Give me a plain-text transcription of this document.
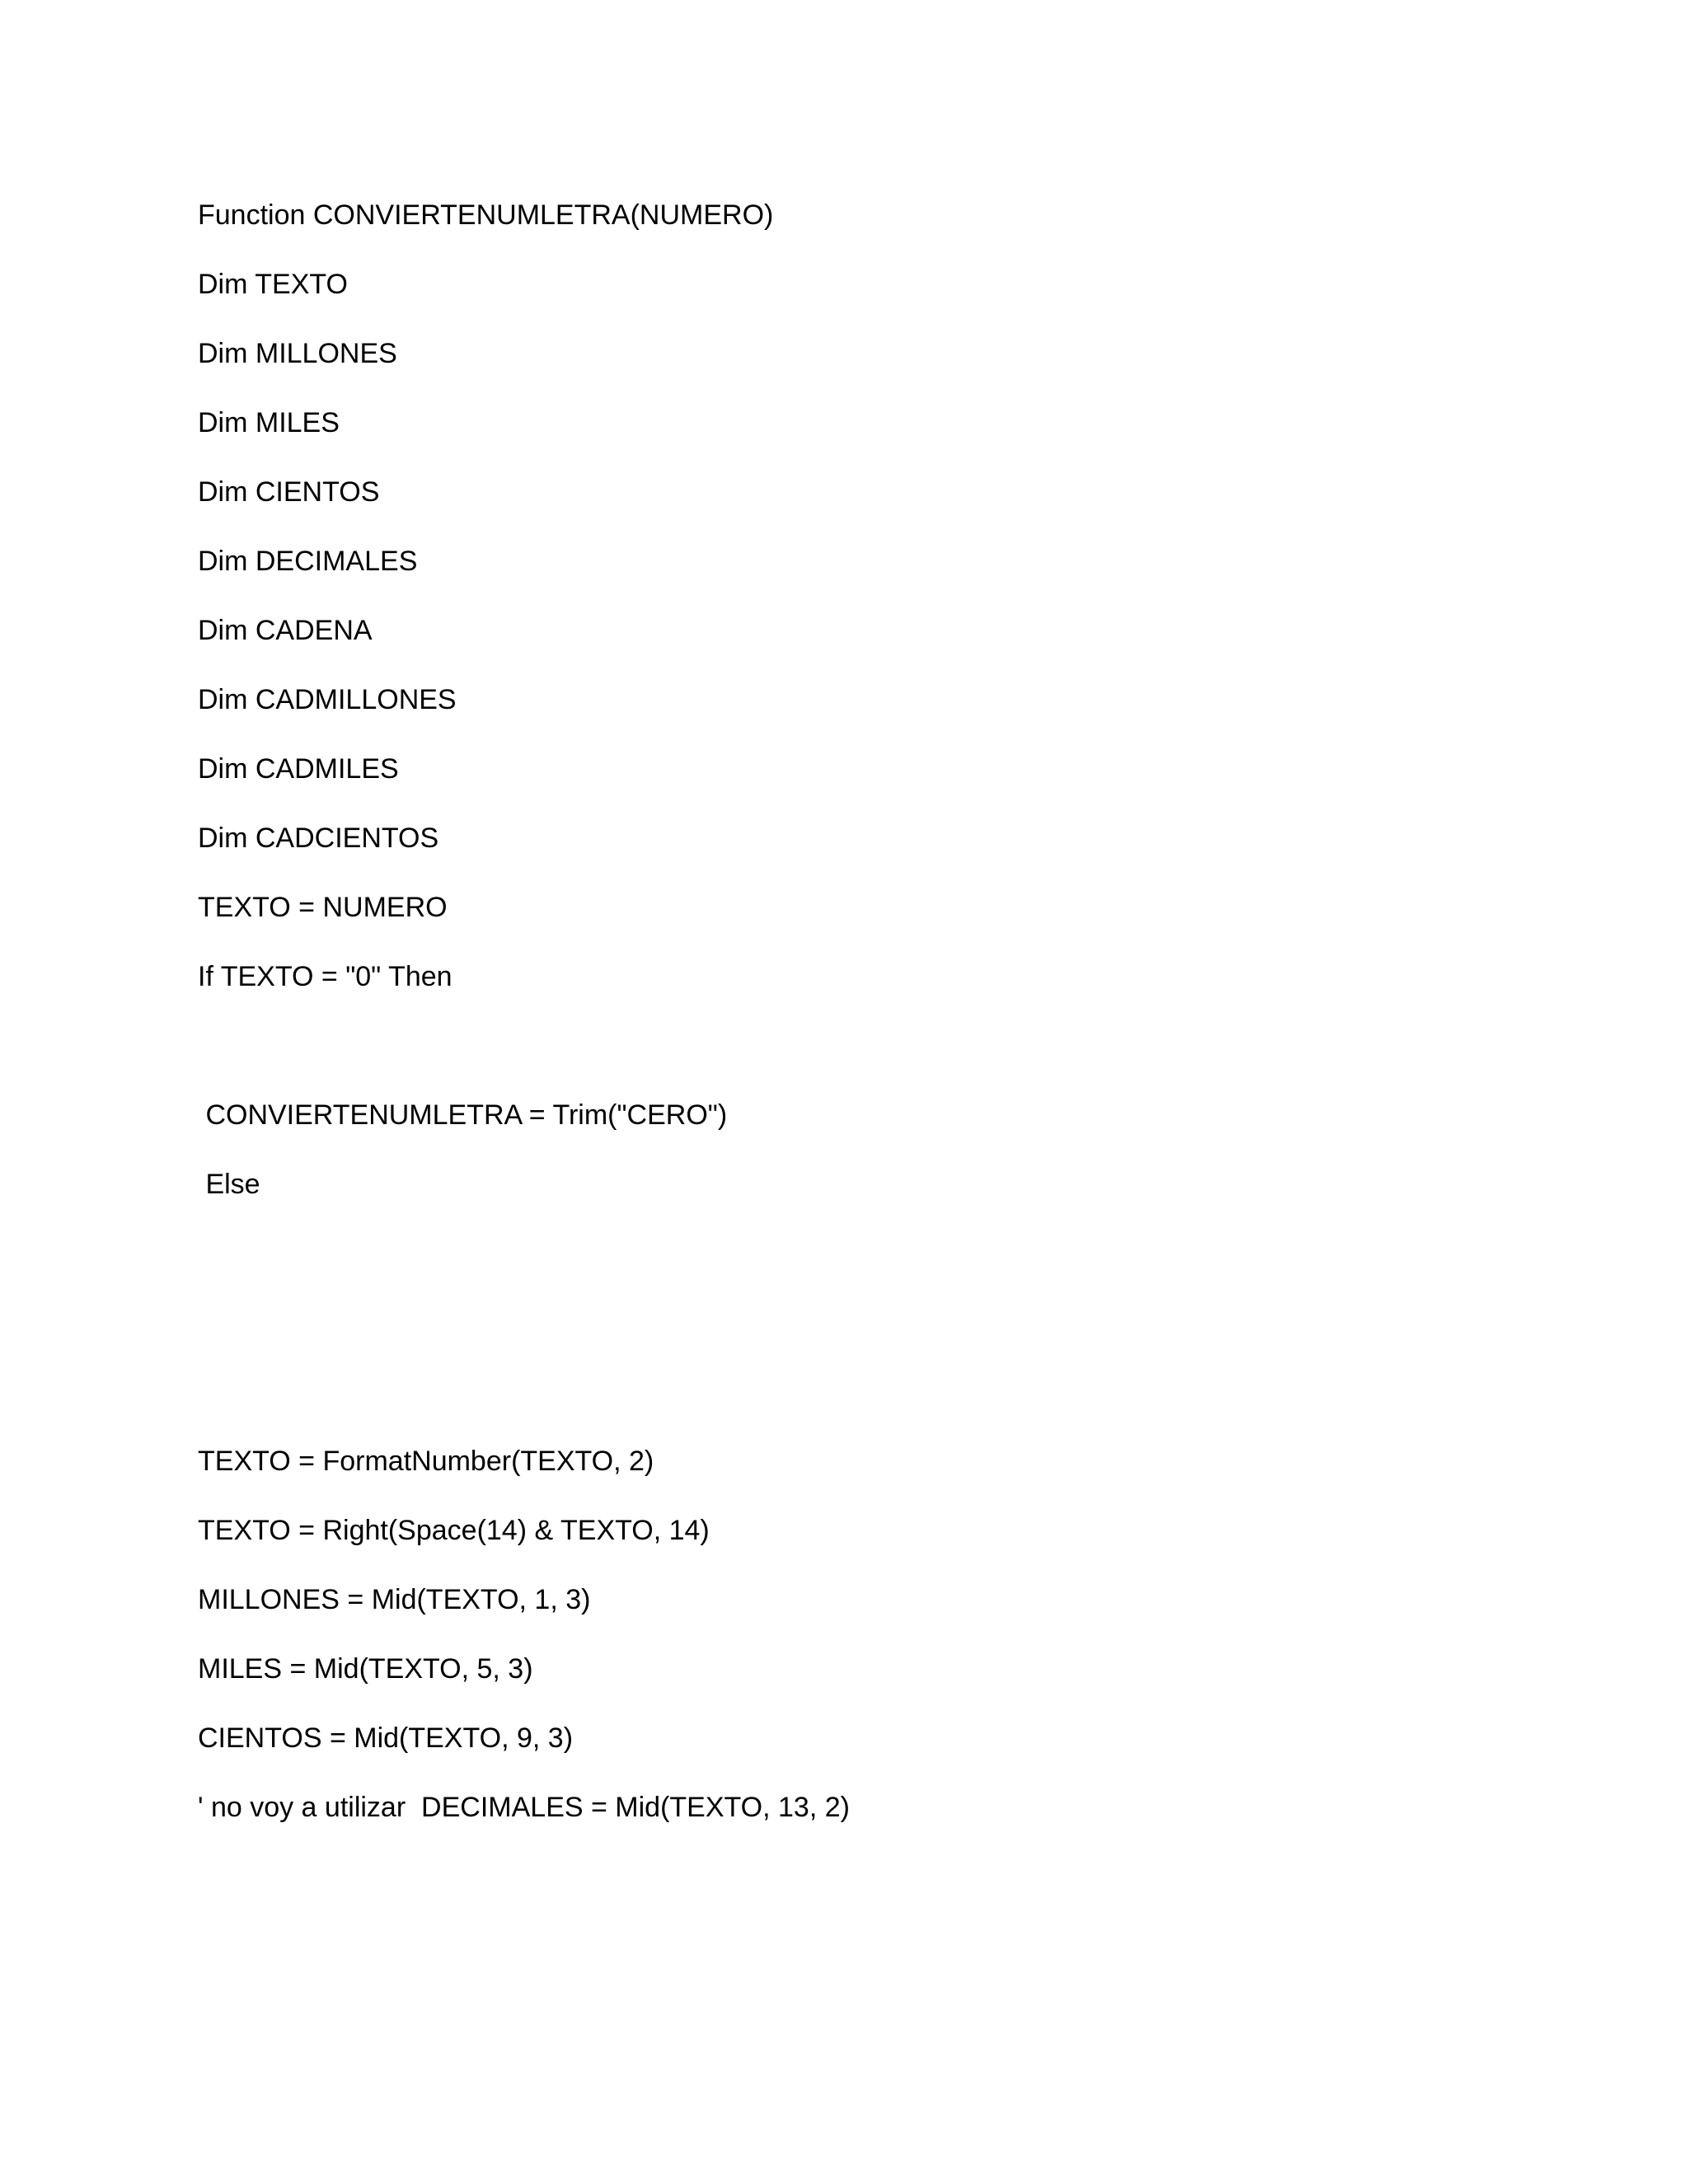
Function CONVIERTENUMLETRA(NUMERO)
Dim TEXTO
Dim MILLONES
Dim MILES
Dim CIENTOS
Dim DECIMALES
Dim CADENA
Dim CADMILLONES
Dim CADMILES
Dim CADCIENTOS
TEXTO = NUMERO
If TEXTO = "0" Then
CONVIERTENUMLETRA = Trim("CERO")
Else
TEXTO = FormatNumber(TEXTO, 2)
TEXTO = Right(Space(14) & TEXTO, 14)
MILLONES = Mid(TEXTO, 1, 3)
MILES = Mid(TEXTO, 5, 3)
CIENTOS = Mid(TEXTO, 9, 3)
' no voy a utilizar  DECIMALES = Mid(TEXTO, 13, 2)
